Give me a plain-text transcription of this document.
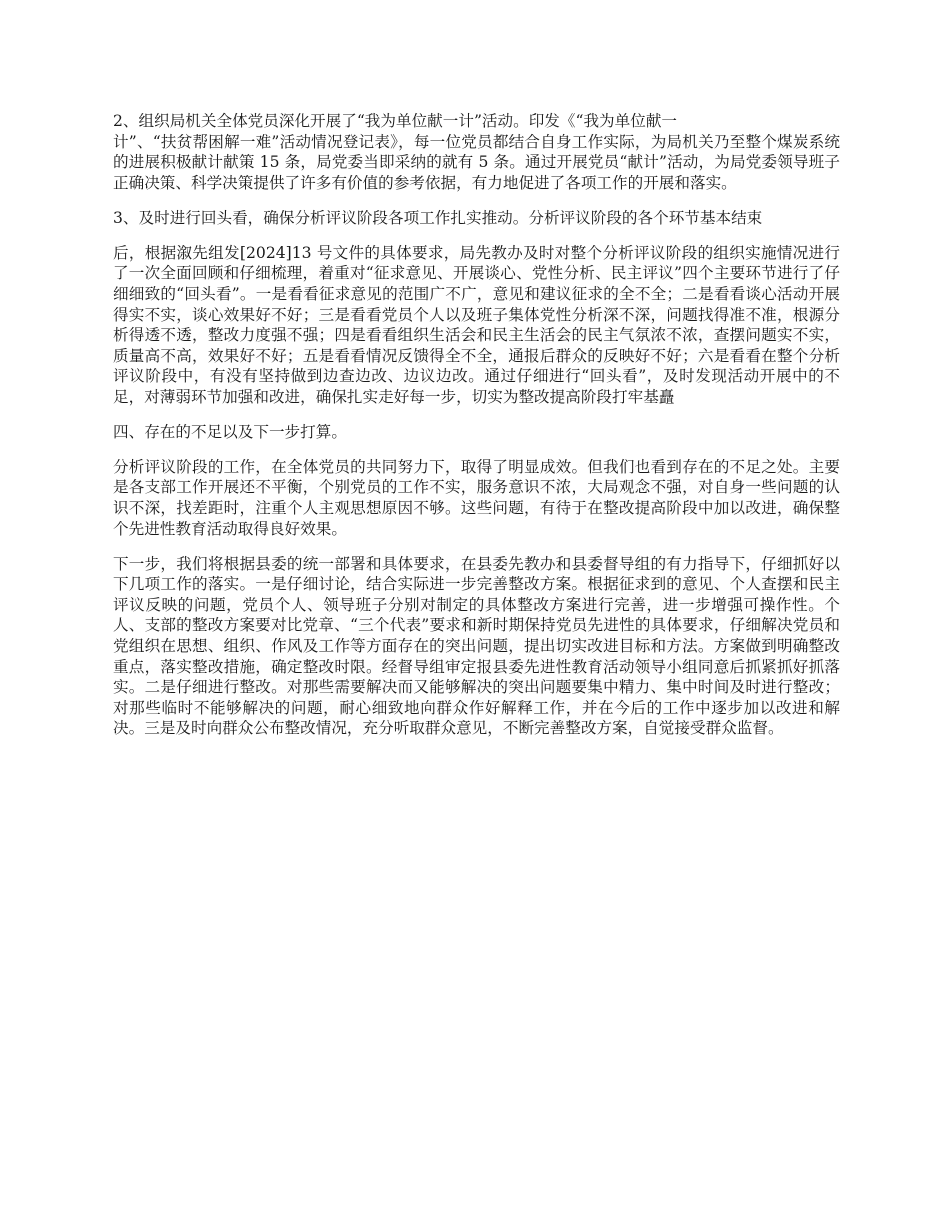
2、组织局机关全体党员深化开展了“我为单位献一计”活动。印发《“我为单位献一
计”、“扶贫帮困解一难”活动情况登记表》，每一位党员都结合自身工作实际，为局机关乃至整个煤炭系统的进展积极献计献策 15 条，局党委当即采纳的就有 5 条。通过开展党员“献计”活动，为局党委领导班子正确决策、科学决策提供了许多有价值的参考依据，有力地促进了各项工作的开展和落实。

3、及时进行回头看，确保分析评议阶段各项工作扎实推动。分析评议阶段的各个环节基本结束

后，根据溆先组发[2024]13 号文件的具体要求，局先教办及时对整个分析评议阶段的组织实施情况进行了一次全面回顾和仔细梳理，着重对“征求意见、开展谈心、党性分析、民主评议”四个主要环节进行了仔细细致的“回头看”。一是看看征求意见的范围广不广，意见和建议征求的全不全；二是看看谈心活动开展得实不实，谈心效果好不好；三是看看党员个人以及班子集体党性分析深不深，问题找得准不准，根源分析得透不透，整改力度强不强；四是看看组织生活会和民主生活会的民主气氛浓不浓，查摆问题实不实，质量高不高，效果好不好；五是看看情况反馈得全不全，通报后群众的反映好不好；六是看看在整个分析评议阶段中，有没有坚持做到边查边改、边议边改。通过仔细进行“回头看”，及时发现活动开展中的不足，对薄弱环节加强和改进，确保扎实走好每一步，切实为整改提高阶段打牢基矗

四、存在的不足以及下一步打算。

分析评议阶段的工作，在全体党员的共同努力下，取得了明显成效。但我们也看到存在的不足之处。主要是各支部工作开展还不平衡，个别党员的工作不实，服务意识不浓，大局观念不强，对自身一些问题的认识不深，找差距时，注重个人主观思想原因不够。这些问题，有待于在整改提高阶段中加以改进，确保整个先进性教育活动取得良好效果。

下一步，我们将根据县委的统一部署和具体要求，在县委先教办和县委督导组的有力指导下，仔细抓好以下几项工作的落实。一是仔细讨论，结合实际进一步完善整改方案。根据征求到的意见、个人查摆和民主评议反映的问题，党员个人、领导班子分别对制定的具体整改方案进行完善，进一步增强可操作性。个人、支部的整改方案要对比党章、“三个代表”要求和新时期保持党员先进性的具体要求，仔细解决党员和党组织在思想、组织、作风及工作等方面存在的突出问题，提出切实改进目标和方法。方案做到明确整改重点，落实整改措施，确定整改时限。经督导组审定报县委先进性教育活动领导小组同意后抓紧抓好抓落实。二是仔细进行整改。对那些需要解决而又能够解决的突出问题要集中精力、集中时间及时进行整改；对那些临时不能够解决的问题，耐心细致地向群众作好解释工作，并在今后的工作中逐步加以改进和解决。三是及时向群众公布整改情况，充分听取群众意见，不断完善整改方案，自觉接受群众监督。
